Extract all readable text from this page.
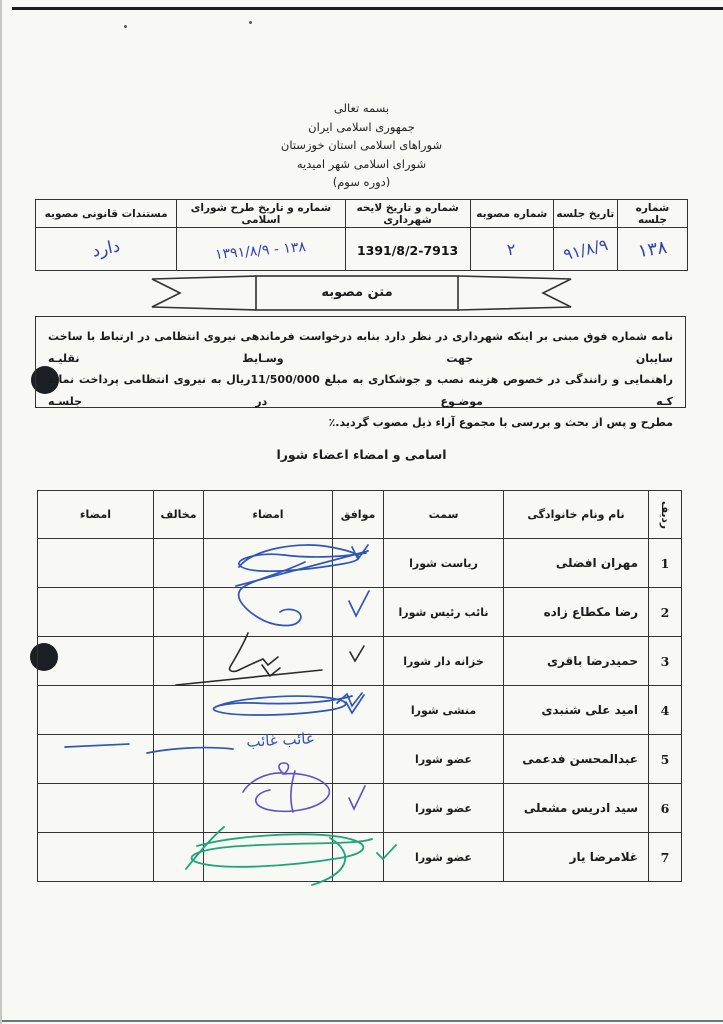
بسمه تعالی
جمهوری اسلامی ایران
شوراهای اسلامی استان خوزستان
شورای اسلامی شهر امیدیه
(دوره سوم)
شماره جلسه	تاریخ جلسه	شماره مصوبه	شماره و تاریخ لایحه شهرداری	شماره و تاریخ طرح شورای اسلامی	مستندات قانونی مصوبه
۱۳۸	۹۱/۸/۹	۲	1391/8/2-7913	۱۳۸ - ۱۳۹۱/۸/۹	دارد
متن مصوبه
نامه شماره فوق مبنی بر اینکه شهرداری در نظر دارد بنابه درخواست فرماندهی نیروی انتظامی در ارتباط با ساخت سایبان جهت وسـایط نقلیـه
راهنمایی و رانندگی در خصوص هزینه نصب و جوشکاری به مبلغ 11/500/000ریال به نیروی انتظامی پرداخت نماید کـه موضـوع در جلسـه
مطرح و پس از بحث و بررسی با مجموع آراء ذیل مصوب گردید.٪
اسامی و امضاء اعضاء شورا
ردیف	نام ونام خانوادگی	سمت	موافق	امضاء	مخالف	امضاء
1	مهران افضلی	ریاست شورا				
2	رضا مکطاع زاده	نائب رئیس شورا				
3	حمیدرضا باقری	خزانه دار شورا				
4	امید علی شنبدی	منشی شورا				
5	عبدالمحسن فدعمی	عضو شورا				
6	سید ادریس مشعلی	عضو شورا				
7	غلامرضا یار	عضو شورا				
غائب غائب
